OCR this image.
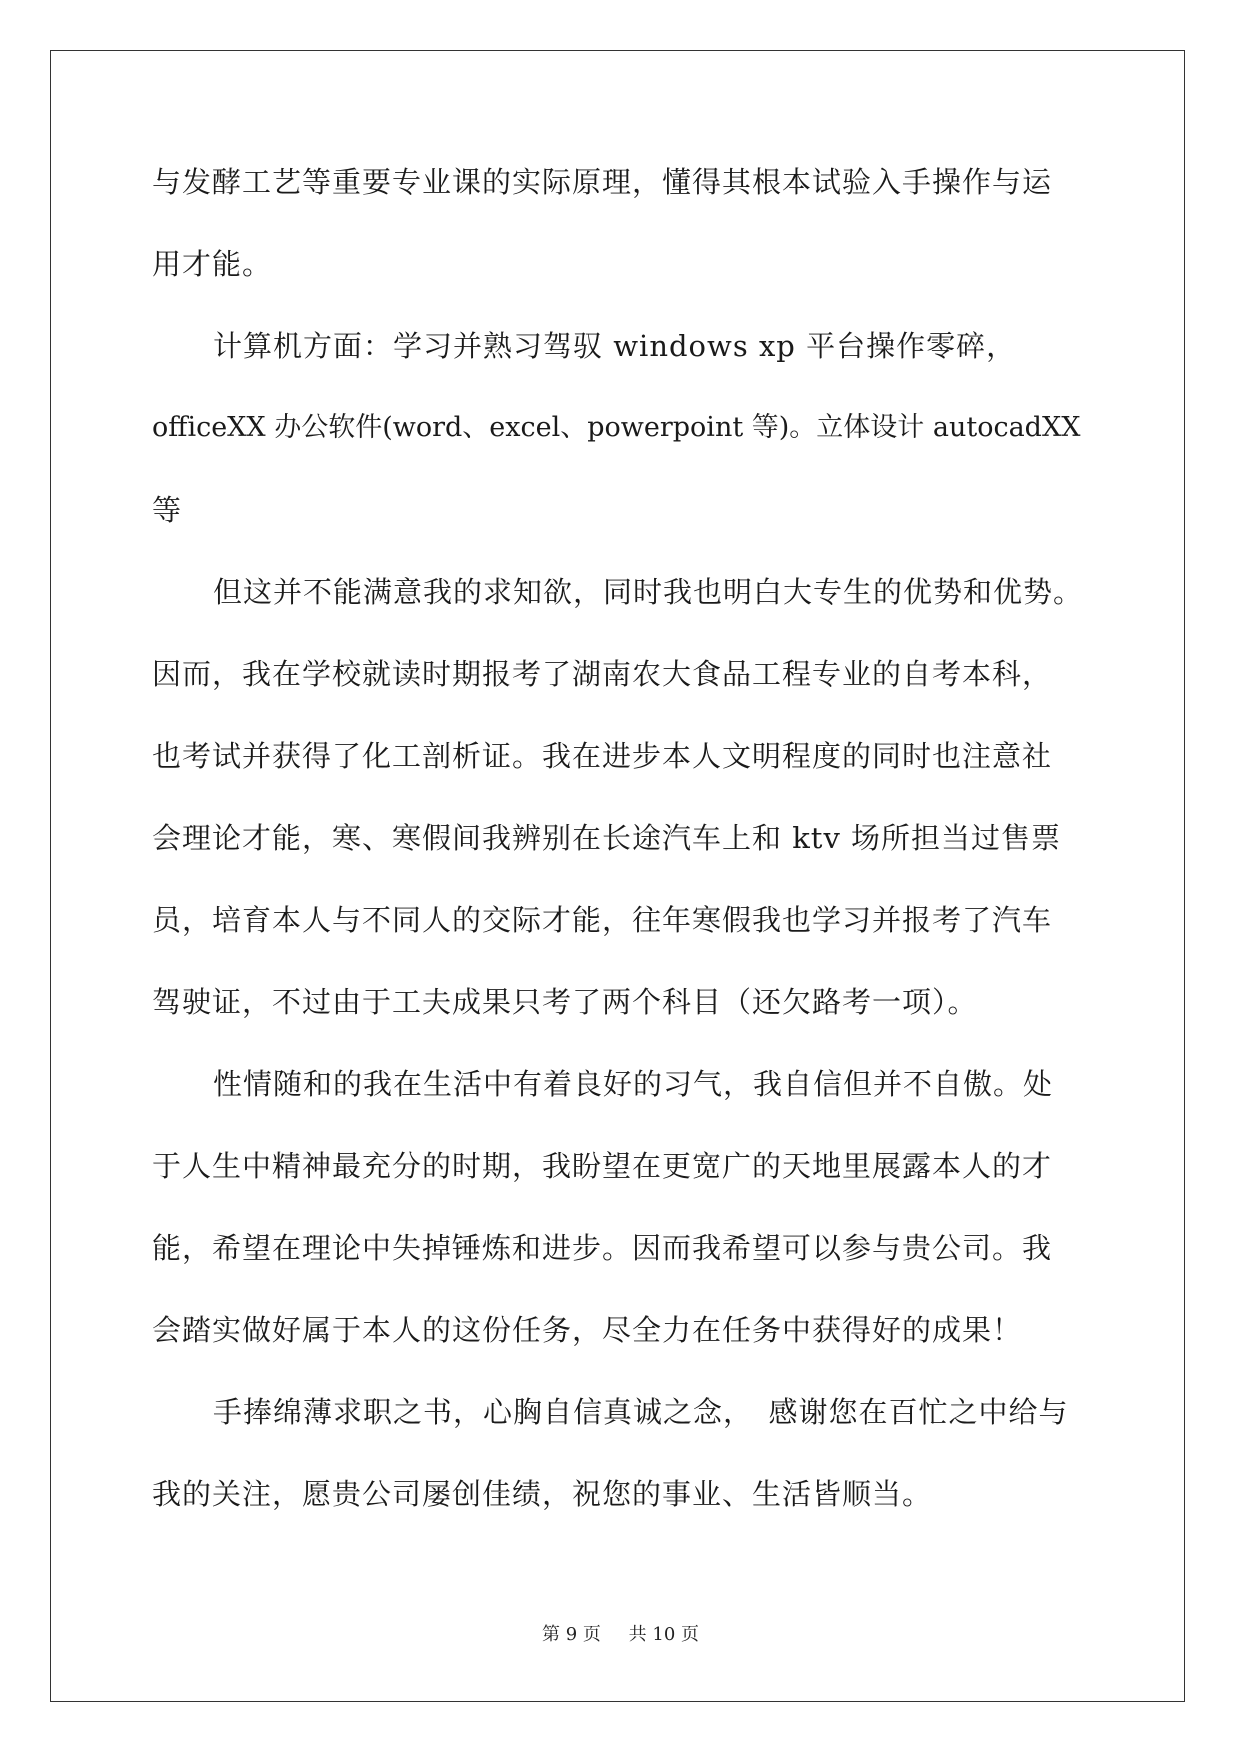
与发酵工艺等重要专业课的实际原理，懂得其根本试验入手操作与运
用才能。
计算机方面：学习并熟习驾驭 windows xp 平台操作零碎，
officeXX 办公软件(word、excel、powerpoint 等)。立体设计 autocadXX
等
但这并不能满意我的求知欲，同时我也明白大专生的优势和优势。
因而，我在学校就读时期报考了湖南农大食品工程专业的自考本科，
也考试并获得了化工剖析证。我在进步本人文明程度的同时也注意社
会理论才能，寒、寒假间我辨别在长途汽车上和 ktv 场所担当过售票
员，培育本人与不同人的交际才能，往年寒假我也学习并报考了汽车
驾驶证，不过由于工夫成果只考了两个科目（还欠路考一项）。
性情随和的我在生活中有着良好的习气，我自信但并不自傲。处
于人生中精神最充分的时期，我盼望在更宽广的天地里展露本人的才
能，希望在理论中失掉锤炼和进步。因而我希望可以参与贵公司。我
会踏实做好属于本人的这份任务，尽全力在任务中获得好的成果！
手捧绵薄求职之书，心胸自信真诚之念，　感谢您在百忙之中给与
我的关注，愿贵公司屡创佳绩，祝您的事业、生活皆顺当。
第 9 页 共 10 页
